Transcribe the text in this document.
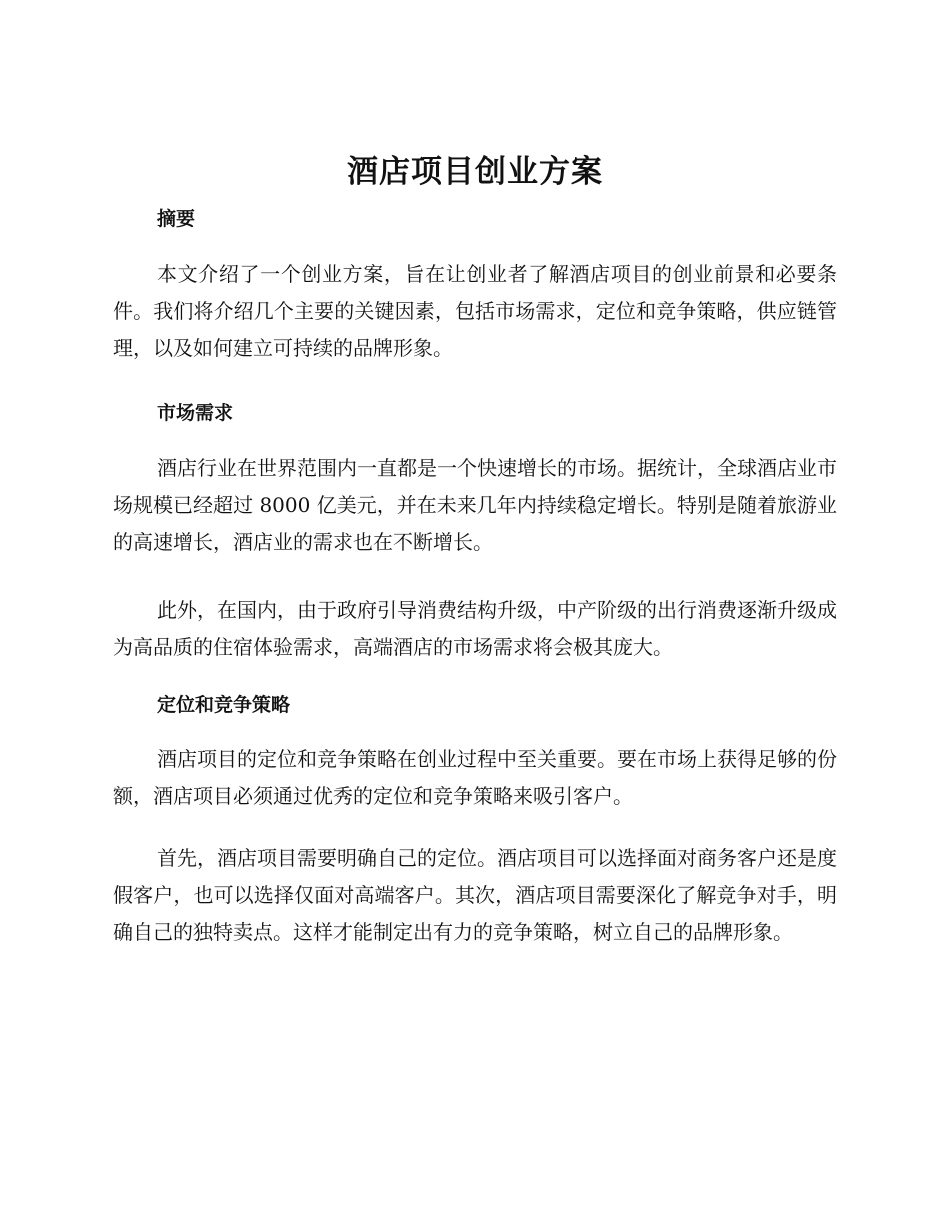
酒店项目创业方案
摘要

本文介绍了一个创业方案，旨在让创业者了解酒店项目的创业前景和必要条件。我们将介绍几个主要的关键因素，包括市场需求，定位和竞争策略，供应链管理，以及如何建立可持续的品牌形象。

市场需求

酒店行业在世界范围内一直都是一个快速增长的市场。据统计，全球酒店业市场规模已经超过 8000 亿美元，并在未来几年内持续稳定增长。特别是随着旅游业的高速增长，酒店业的需求也在不断增长。

此外，在国内，由于政府引导消费结构升级，中产阶级的出行消费逐渐升级成为高品质的住宿体验需求，高端酒店的市场需求将会极其庞大。

定位和竞争策略

酒店项目的定位和竞争策略在创业过程中至关重要。要在市场上获得足够的份额，酒店项目必须通过优秀的定位和竞争策略来吸引客户。

首先，酒店项目需要明确自己的定位。酒店项目可以选择面对商务客户还是度假客户，也可以选择仅面对高端客户。其次，酒店项目需要深化了解竞争对手，明确自己的独特卖点。这样才能制定出有力的竞争策略，树立自己的品牌形象。
